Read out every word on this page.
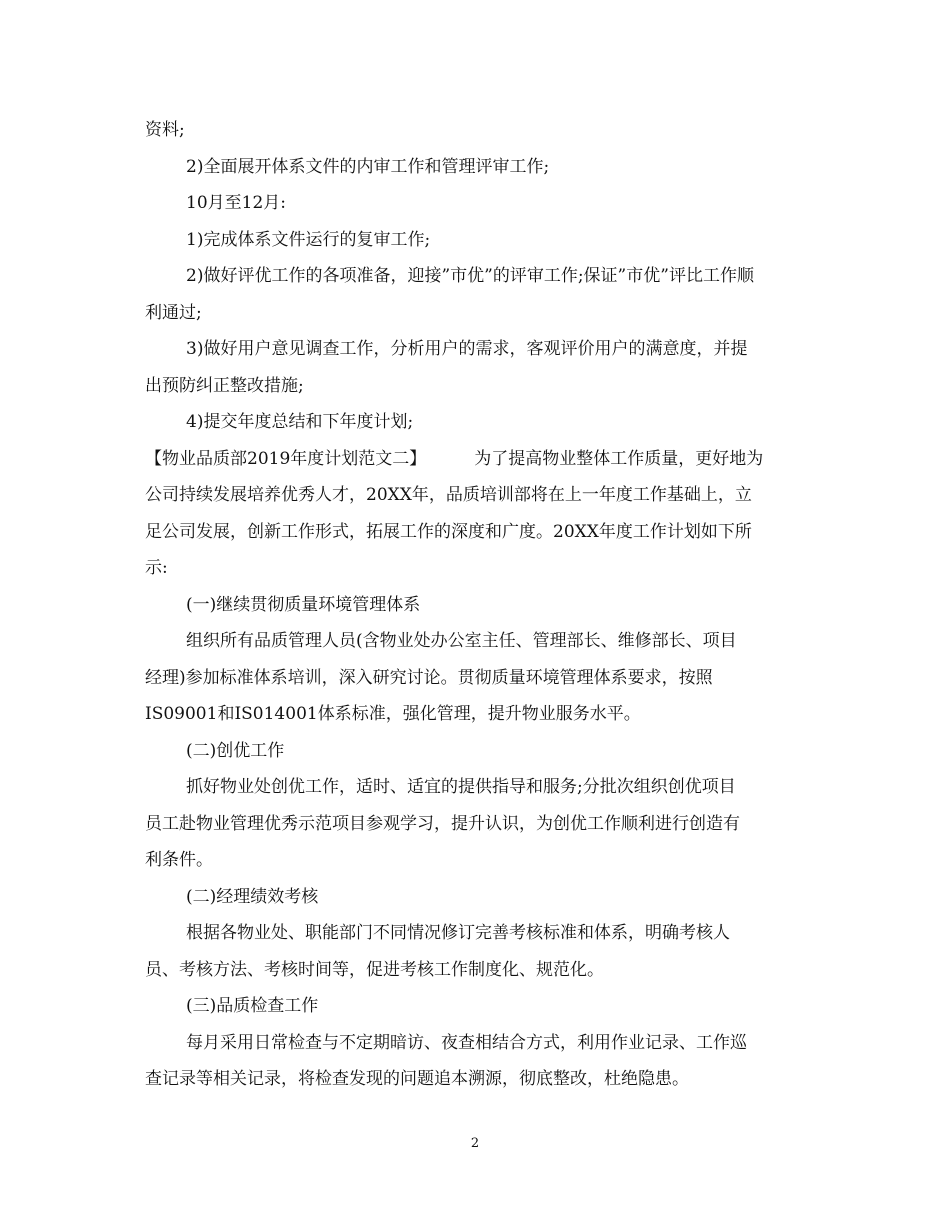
资料;
2)全面展开体系文件的内审工作和管理评审工作;
10月至12月:
1)完成体系文件运行的复审工作;
2)做好评优工作的各项准备，迎接”市优”的评审工作;保证”市优”评比工作顺
利通过;
3)做好用户意见调查工作，分析用户的需求，客观评价用户的满意度，并提
出预防纠正整改措施;
4)提交年度总结和下年度计划;
【物业品质部2019年度计划范文二】	为了提高物业整体工作质量，更好地为
公司持续发展培养优秀人才，20XX年，品质培训部将在上一年度工作基础上，立
足公司发展，创新工作形式，拓展工作的深度和广度。20XX年度工作计划如下所
示:
(一)继续贯彻质量环境管理体系
组织所有品质管理人员(含物业处办公室主任、管理部长、维修部长、项目
经理)参加标准体系培训，深入研究讨论。贯彻质量环境管理体系要求，按照
IS09001和IS014001体系标准，强化管理，提升物业服务水平。
(二)创优工作
抓好物业处创优工作，适时、适宜的提供指导和服务;分批次组织创优项目
员工赴物业管理优秀示范项目参观学习，提升认识，为创优工作顺利进行创造有
利条件。
(二)经理绩效考核
根据各物业处、职能部门不同情况修订完善考核标准和体系，明确考核人
员、考核方法、考核时间等，促进考核工作制度化、规范化。
(三)品质检查工作
每月采用日常检查与不定期暗访、夜查相结合方式，利用作业记录、工作巡
查记录等相关记录，将检查发现的问题追本溯源，彻底整改，杜绝隐患。
2
